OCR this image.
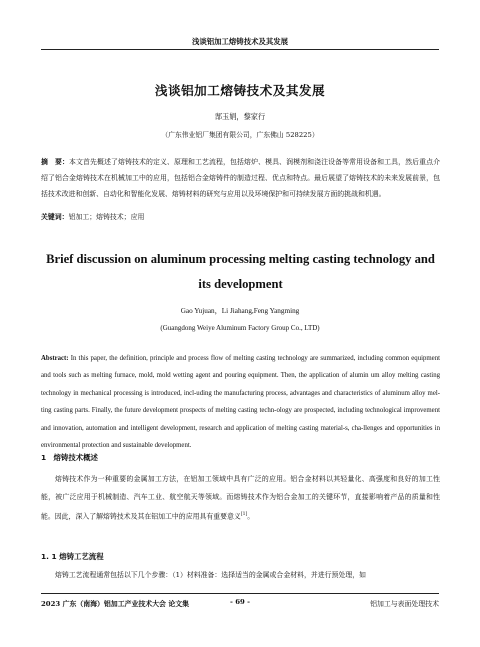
浅谈铝加工熔铸技术及其发展
浅谈铝加工熔铸技术及其发展
郜玉娟，黎家行
（广东伟业铝厂集团有限公司，广东佛山 528225）
摘　要：本文首先概述了熔铸技术的定义、原理和工艺流程，包括熔炉、模具、润模剂和浇注设备等常用设备和工具，然后重点介绍了铝合金熔铸技术在机械加工中的应用，包括铝合金熔铸件的制造过程、优点和特点。最后展望了熔铸技术的未来发展前景，包括技术改进和创新、自动化和智能化发展、熔铸材料的研究与应用以及环境保护和可持续发展方面的挑战和机遇。
关键词：铝加工；熔铸技术；应用
Brief discussion on aluminum processing melting casting technology and its development
Gao Yujuan，Li Jiahang,Feng Yangming
(Guangdong Weiye Aluminum Factory Group Co., LTD)
Abstract: In this paper, the definition, principle and process flow of melting casting technology are summarized, including common equipment and tools such as melting furnace, mold, mold wetting agent and pouring equipment. Then, the application of alumin um alloy melting casting technology in mechanical processing is introduced, incl-uding the manufacturing process, advantages and characteristics of aluminum alloy mel-ting casting parts. Finally, the future development prospects of melting casting techn-ology are prospected, including technological improvement and innovation, automation and intelligent development, research and application of melting casting material-s, cha-llenges and opportunities in environmental protection and sustainable development.
1　熔铸技术概述
熔铸技术作为一种重要的金属加工方法，在铝加工领域中具有广泛的应用。铝合金材料以其轻量化、高强度和良好的加工性能，被广泛应用于机械制造、汽车工业、航空航天等领域。而熔铸技术作为铝合金加工的关键环节，直接影响着产品的质量和性能。因此，深入了解熔铸技术及其在铝加工中的应用具有重要意义[1]。
1. 1 熔铸工艺流程
熔铸工艺流程通常包括以下几个步骤：（1）材料准备：选择适当的金属或合金材料，并进行预处理，如
2023 广东（南海）铝加工产业技术大会 论文集	- 69 -	铝加工与表面处理技术
